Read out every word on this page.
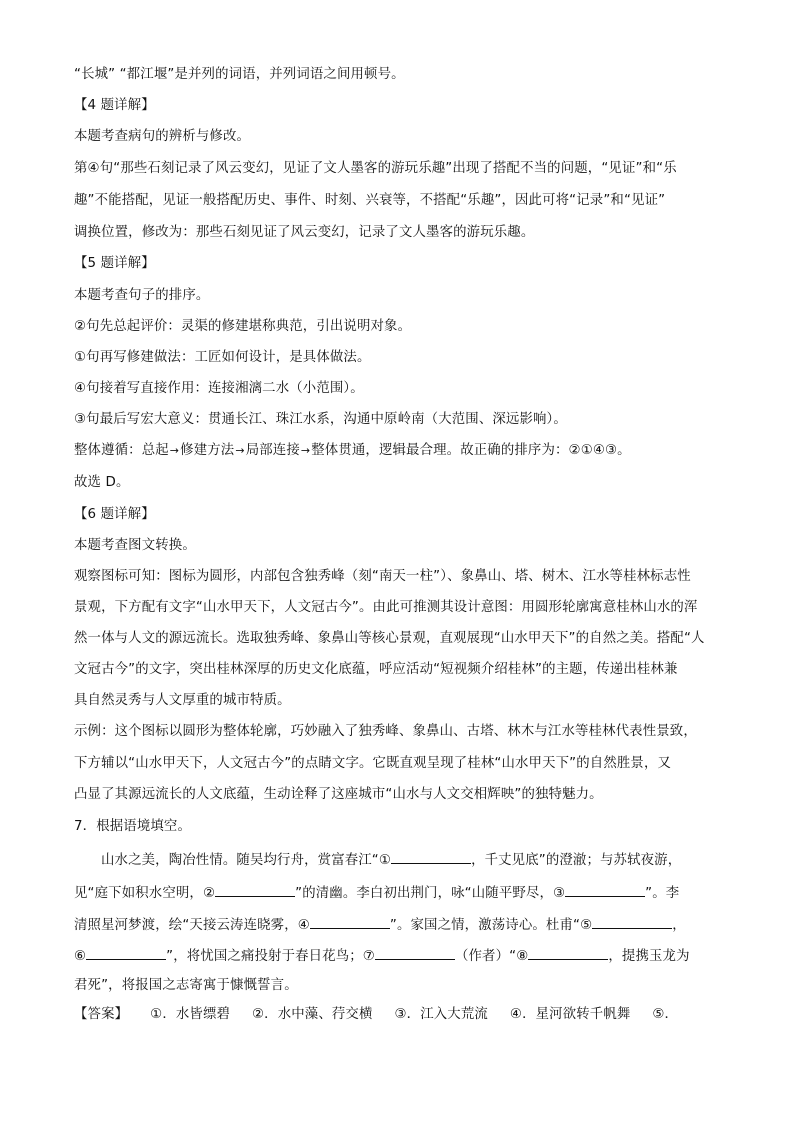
“长城” “都江堰”是并列的词语，并列词语之间用顿号。
【4 题详解】
本题考查病句的辨析与修改。
第④句“那些石刻记录了风云变幻，见证了文人墨客的游玩乐趣”出现了搭配不当的问题，“见证”和“乐
趣”不能搭配，见证一般搭配历史、事件、时刻、兴衰等，不搭配“乐趣”，因此可将“记录”和“见证”
调换位置，修改为：那些石刻见证了风云变幻，记录了文人墨客的游玩乐趣。
【5 题详解】
本题考查句子的排序。
②句先总起评价：灵渠的修建堪称典范，引出说明对象。
①句再写修建做法：工匠如何设计，是具体做法。
④句接着写直接作用：连接湘漓二水（小范围）。
③句最后写宏大意义：贯通长江、珠江水系，沟通中原岭南（大范围、深远影响）。
整体遵循：总起→修建方法→局部连接→整体贯通，逻辑最合理。故正确的排序为：②①④③。
故选 D。
【6 题详解】
本题考查图文转换。
观察图标可知：图标为圆形，内部包含独秀峰（刻“南天一柱”）、象鼻山、塔、树木、江水等桂林标志性
景观，下方配有文字“山水甲天下，人文冠古今”。由此可推测其设计意图：用圆形轮廓寓意桂林山水的浑
然一体与人文的源远流长。选取独秀峰、象鼻山等核心景观，直观展现“山水甲天下”的自然之美。搭配“人
文冠古今”的文字，突出桂林深厚的历史文化底蕴，呼应活动“短视频介绍桂林”的主题，传递出桂林兼
具自然灵秀与人文厚重的城市特质。
示例：这个图标以圆形为整体轮廓，巧妙融入了独秀峰、象鼻山、古塔、林木与江水等桂林代表性景致，
下方辅以“山水甲天下，人文冠古今”的点睛文字。它既直观呈现了桂林“山水甲天下”的自然胜景，又
凸显了其源远流长的人文底蕴，生动诠释了这座城市“山水与人文交相辉映”的独特魅力。
7．根据语境填空。
山水之美，陶冶性情。随吴均行舟，赏富春江“①	，千丈见底”的澄澈；与苏轼夜游，
见“庭下如积水空明，②	”的清幽。李白初出荆门，咏“山随平野尽，③	”。李
清照星河梦渡，绘“天接云涛连晓雾，④	”。家国之情，激荡诗心。杜甫“⑤	，
⑥	”，将忧国之痛投射于春日花鸟；⑦	（作者）“⑧	，提携玉龙为
君死”，将报国之志寄寓于慷慨誓言。
【答案】 ①．水皆缥碧 ②．水中藻、荇交横 ③．江入大荒流 ④．星河欲转千帆舞 ⑤．
